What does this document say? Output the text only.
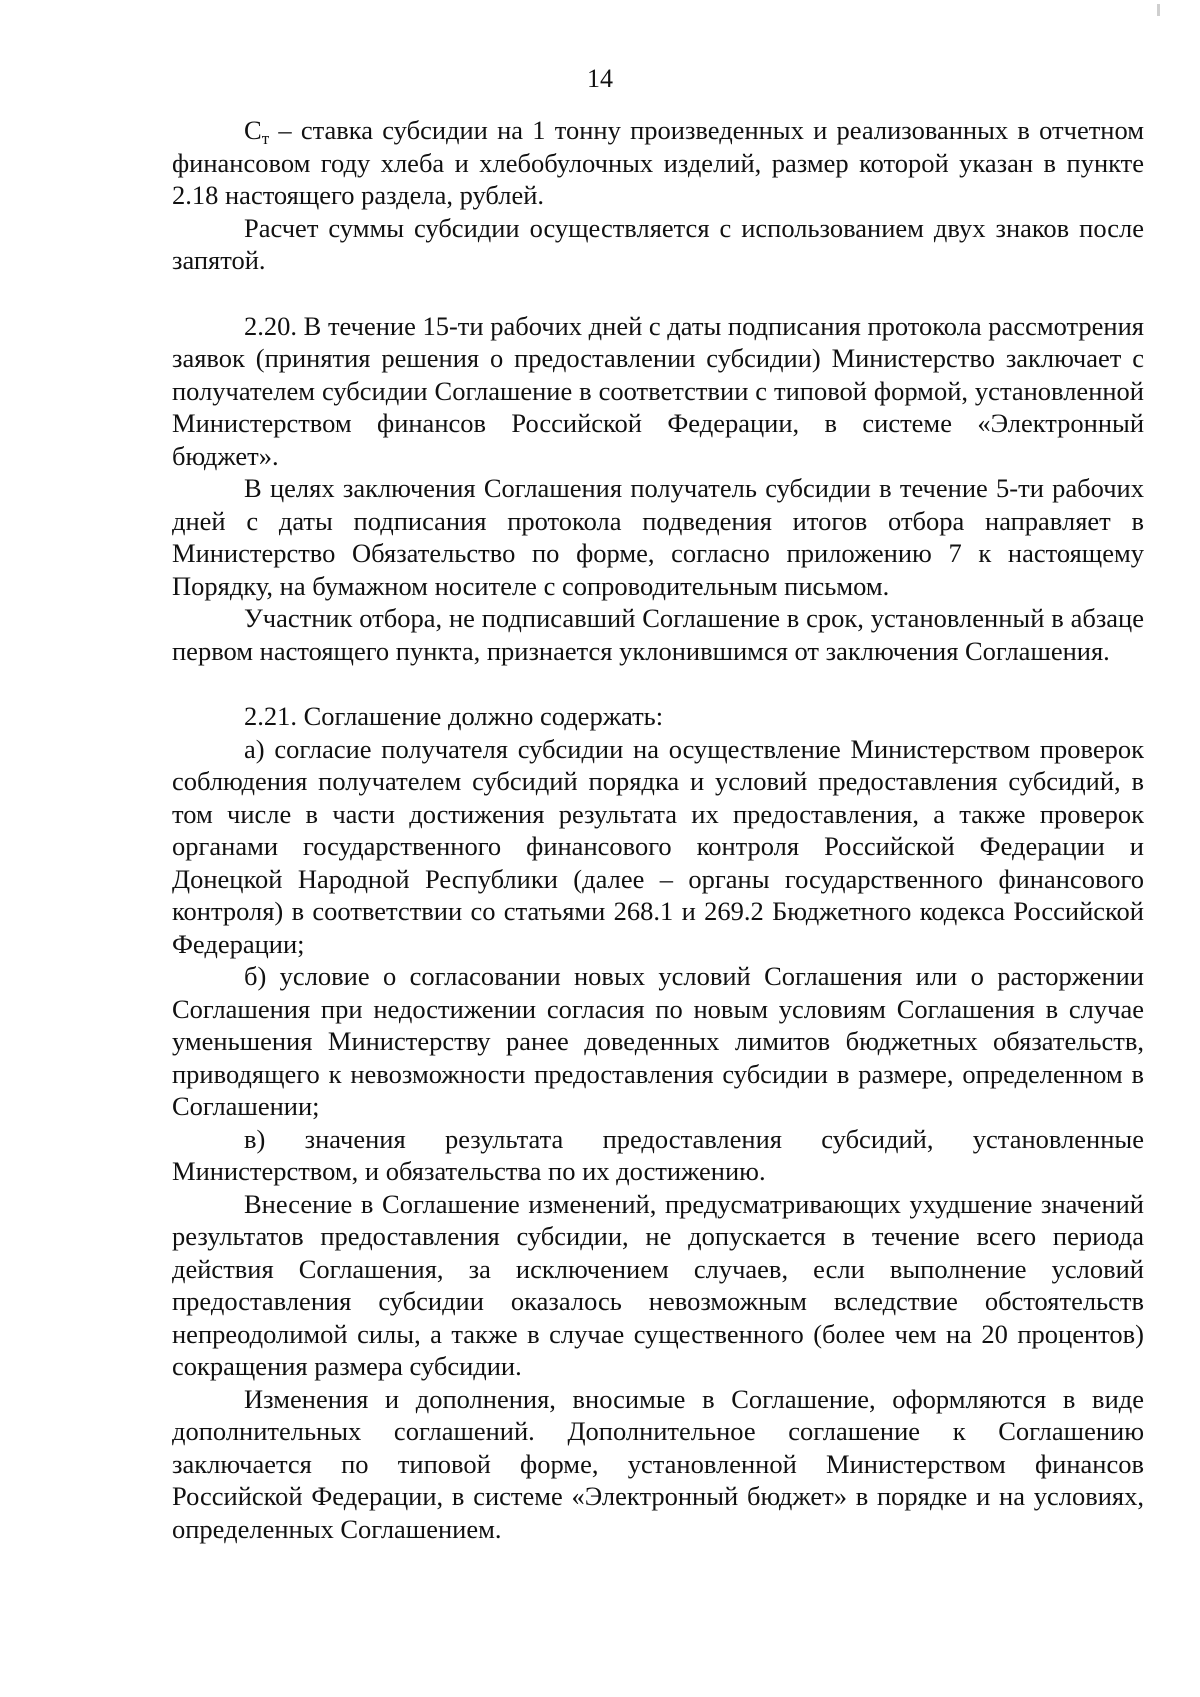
14

Ст – ставка субсидии на 1 тонну произведенных и реализованных в отчетном финансовом году хлеба и хлебобулочных изделий, размер которой указан в пункте 2.18 настоящего раздела, рублей.

Расчет суммы субсидии осуществляется с использованием двух знаков после запятой.

2.20. В течение 15-ти рабочих дней с даты подписания протокола рассмотрения заявок (принятия решения о предоставлении субсидии) Министерство заключает с получателем субсидии Соглашение в соответствии с типовой формой, установленной Министерством финансов Российской Федерации, в системе «Электронный бюджет».

В целях заключения Соглашения получатель субсидии в течение 5-ти рабочих дней с даты подписания протокола подведения итогов отбора направляет в Министерство Обязательство по форме, согласно приложению 7 к настоящему Порядку, на бумажном носителе с сопроводительным письмом.

Участник отбора, не подписавший Соглашение в срок, установленный в абзаце первом настоящего пункта, признается уклонившимся от заключения Соглашения.

2.21. Соглашение должно содержать:

а) согласие получателя субсидии на осуществление Министерством проверок соблюдения получателем субсидий порядка и условий предоставления субсидий, в том числе в части достижения результата их предоставления, а также проверок органами государственного финансового контроля Российской Федерации и Донецкой Народной Республики (далее – органы государственного финансового контроля) в соответствии со статьями 268.1 и 269.2 Бюджетного кодекса Российской Федерации;

б) условие о согласовании новых условий Соглашения или о расторжении Соглашения при недостижении согласия по новым условиям Соглашения в случае уменьшения Министерству ранее доведенных лимитов бюджетных обязательств, приводящего к невозможности предоставления субсидии в размере, определенном в Соглашении;

в) значения результата предоставления субсидий, установленные Министерством, и обязательства по их достижению.

Внесение в Соглашение изменений, предусматривающих ухудшение значений результатов предоставления субсидии, не допускается в течение всего периода действия Соглашения, за исключением случаев, если выполнение условий предоставления субсидии оказалось невозможным вследствие обстоятельств непреодолимой силы, а также в случае существенного (более чем на 20 процентов) сокращения размера субсидии.

Изменения и дополнения, вносимые в Соглашение, оформляются в виде дополнительных соглашений. Дополнительное соглашение к Соглашению заключается по типовой форме, установленной Министерством финансов Российской Федерации, в системе «Электронный бюджет» в порядке и на условиях, определенных Соглашением.
